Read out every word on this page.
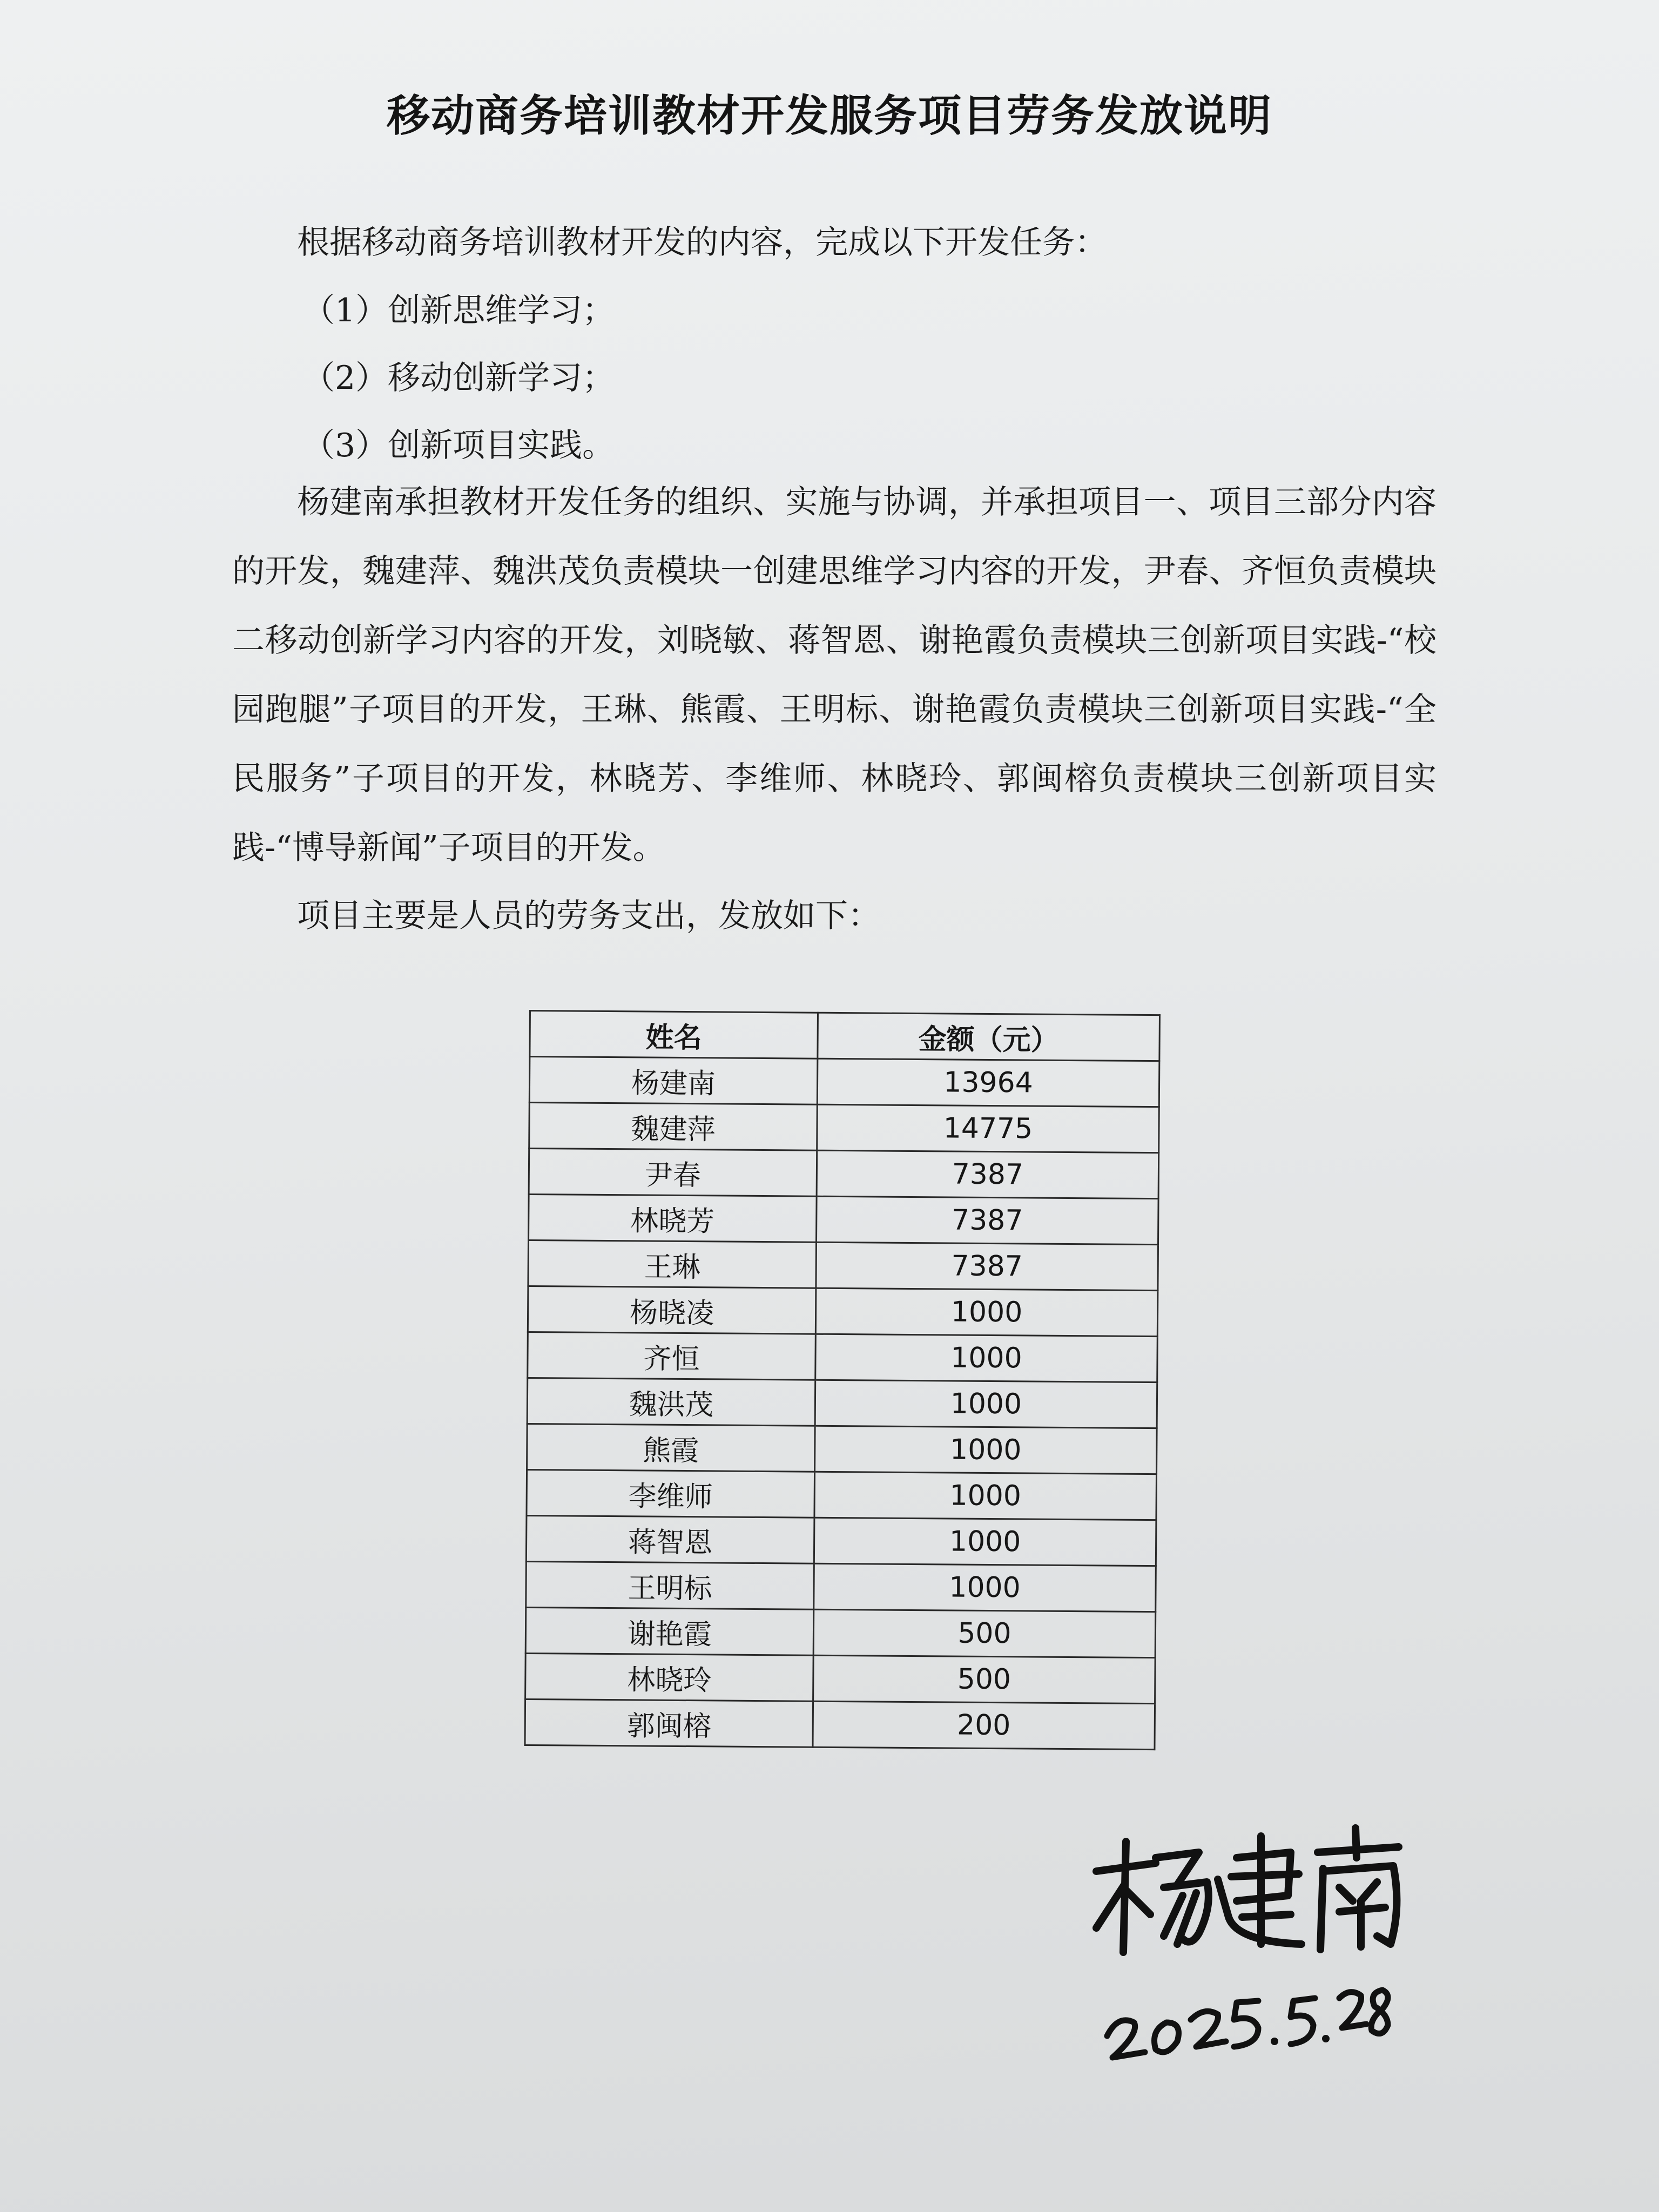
移动商务培训教材开发服务项目劳务发放说明
根据移动商务培训教材开发的内容，完成以下开发任务：
（1）创新思维学习；
（2）移动创新学习；
（3）创新项目实践。
杨建南承担教材开发任务的组织、实施与协调，并承担项目一、项目三部分内容的开发，魏建萍、魏洪茂负责模块一创建思维学习内容的开发，尹春、齐恒负责模块二移动创新学习内容的开发，刘晓敏、蒋智恩、谢艳霞负责模块三创新项目实践-“校园跑腿”子项目的开发，王琳、熊霞、王明标、谢艳霞负责模块三创新项目实践-“全民服务”子项目的开发，林晓芳、李维师、林晓玲、郭闽榕负责模块三创新项目实践-“博导新闻”子项目的开发。
项目主要是人员的劳务支出，发放如下：
姓名	金额（元）
杨建南	13964
魏建萍	14775
尹春	7387
林晓芳	7387
王琳	7387
杨晓凌	1000
齐恒	1000
魏洪茂	1000
熊霞	1000
李维师	1000
蒋智恩	1000
王明标	1000
谢艳霞	500
林晓玲	500
郭闽榕	200
